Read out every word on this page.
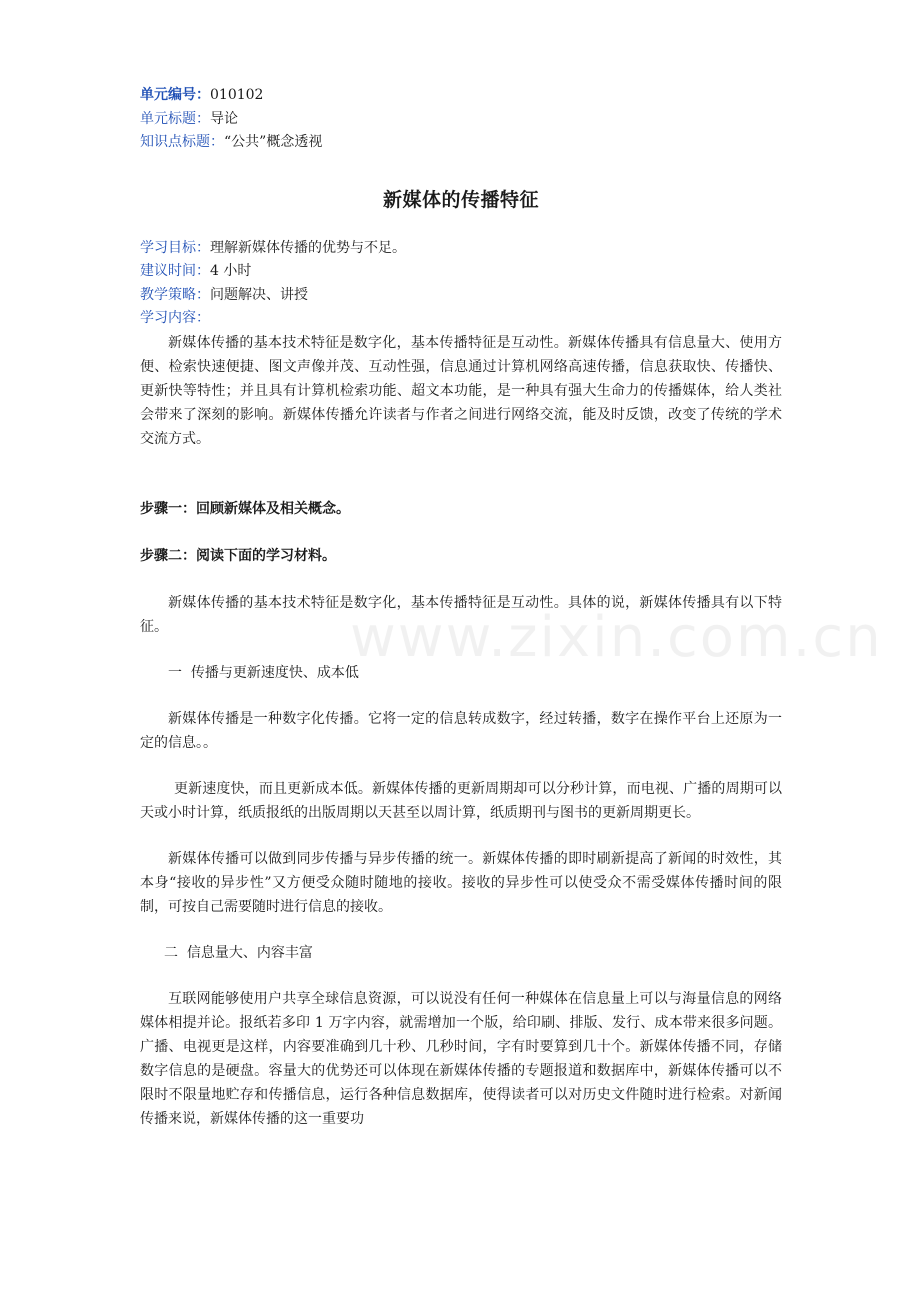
www.zixin.com.cn
单元编号：010102
单元标题：导论
知识点标题：“公共”概念透视
新媒体的传播特征
学习目标：理解新媒体传播的优势与不足。
建议时间：4 小时
教学策略：问题解决、讲授
学习内容：

新媒体传播的基本技术特征是数字化，基本传播特征是互动性。新媒体传播具有信息量大、使用方便、检索快速便捷、图文声像并茂、互动性强，信息通过计算机网络高速传播，信息获取快、传播快、更新快等特性；并且具有计算机检索功能、超文本功能，是一种具有强大生命力的传播媒体，给人类社会带来了深刻的影响。新媒体传播允许读者与作者之间进行网络交流，能及时反馈，改变了传统的学术交流方式。

步骤一：回顾新媒体及相关概念。
步骤二：阅读下面的学习材料。

新媒体传播的基本技术特征是数字化，基本传播特征是互动性。具体的说，新媒体传播具有以下特征。

一  传播与更新速度快、成本低

新媒体传播是一种数字化传播。它将一定的信息转成数字，经过转播，数字在操作平台上还原为一定的信息。。

更新速度快，而且更新成本低。新媒体传播的更新周期却可以分秒计算，而电视、广播的周期可以天或小时计算，纸质报纸的出版周期以天甚至以周计算，纸质期刊与图书的更新周期更长。

新媒体传播可以做到同步传播与异步传播的统一。新媒体传播的即时刷新提高了新闻的时效性，其本身“接收的异步性”又方便受众随时随地的接收。接收的异步性可以使受众不需受媒体传播时间的限制，可按自己需要随时进行信息的接收。

二  信息量大、内容丰富

互联网能够使用户共享全球信息资源，可以说没有任何一种媒体在信息量上可以与海量信息的网络媒体相提并论。报纸若多印 1 万字内容，就需增加一个版，给印刷、排版、发行、成本带来很多问题。广播、电视更是这样，内容要准确到几十秒、几秒时间，字有时要算到几十个。新媒体传播不同，存储数字信息的是硬盘。容量大的优势还可以体现在新媒体传播的专题报道和数据库中，新媒体传播可以不限时不限量地贮存和传播信息，运行各种信息数据库，使得读者可以对历史文件随时进行检索。对新闻传播来说，新媒体传播的这一重要功
